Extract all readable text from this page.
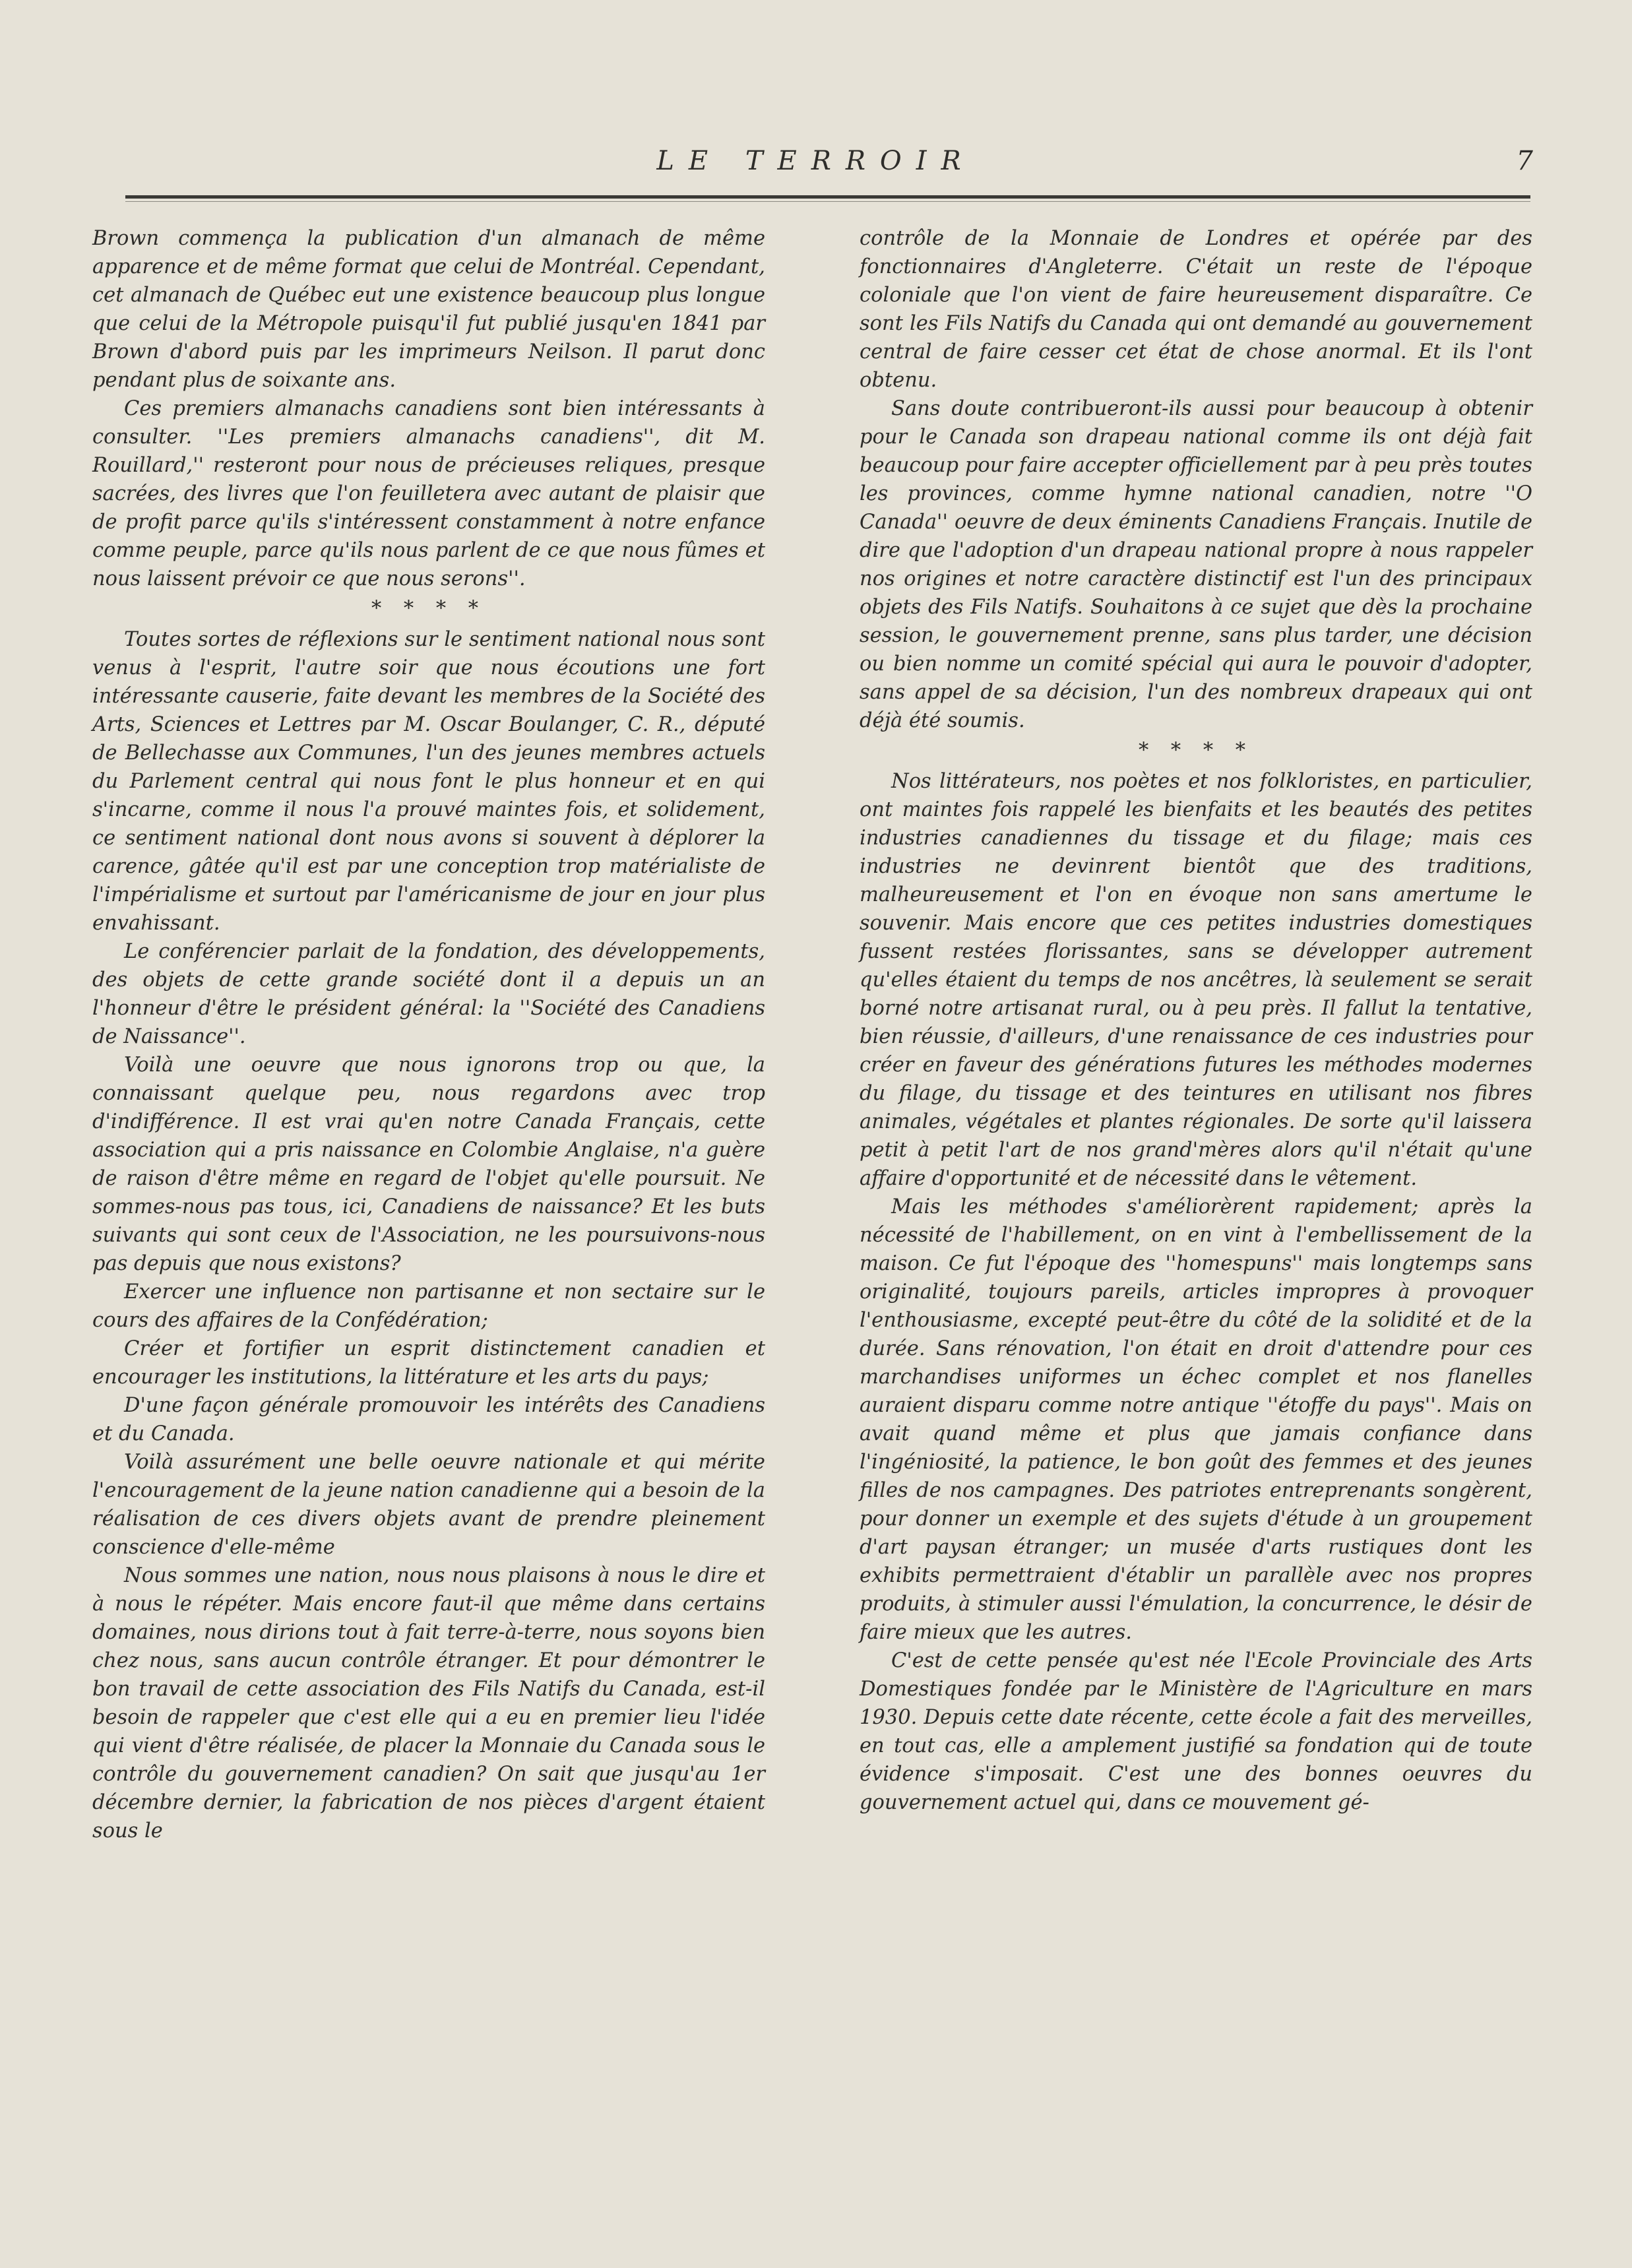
LE TERROIR	7

Brown commença la publication d'un almanach de même apparence et de même format que celui de Montréal. Cependant, cet almanach de Québec eut une existence beaucoup plus longue que celui de la Métropole puisqu'il fut publié jusqu'en 1841 par Brown d'abord puis par les imprimeurs Neilson. Il parut donc pendant plus de soixante ans.

Ces premiers almanachs canadiens sont bien intéressants à consulter. ''Les premiers almanachs canadiens'', dit M. Rouillard,'' resteront pour nous de précieuses reliques, presque sacrées, des livres que l'on feuilletera avec autant de plaisir que de profit parce qu'ils s'intéressent constamment à notre enfance comme peuple, parce qu'ils nous parlent de ce que nous fûmes et nous laissent prévoir ce que nous serons''.

* * * *

Toutes sortes de réflexions sur le sentiment national nous sont venus à l'esprit, l'autre soir que nous écoutions une fort intéressante causerie, faite devant les membres de la Société des Arts, Sciences et Lettres par M. Oscar Boulanger, C. R., député de Bellechasse aux Communes, l'un des jeunes membres actuels du Parlement central qui nous font le plus honneur et en qui s'incarne, comme il nous l'a prouvé maintes fois, et solidement, ce sentiment national dont nous avons si souvent à déplorer la carence, gâtée qu'il est par une conception trop matérialiste de l'impérialisme et surtout par l'américanisme de jour en jour plus envahissant.

Le conférencier parlait de la fondation, des développements, des objets de cette grande société dont il a depuis un an l'honneur d'être le président général: la ''Société des Canadiens de Naissance''.

Voilà une oeuvre que nous ignorons trop ou que, la connaissant quelque peu, nous regardons avec trop d'indifférence. Il est vrai qu'en notre Canada Français, cette association qui a pris naissance en Colombie Anglaise, n'a guère de raison d'être même en regard de l'objet qu'elle poursuit. Ne sommes-nous pas tous, ici, Canadiens de naissance? Et les buts suivants qui sont ceux de l'Association, ne les poursuivons-nous pas depuis que nous existons?

Exercer une influence non partisanne et non sectaire sur le cours des affaires de la Confédération;

Créer et fortifier un esprit distinctement canadien et encourager les institutions, la littérature et les arts du pays;

D'une façon générale promouvoir les intérêts des Canadiens et du Canada.

Voilà assurément une belle oeuvre nationale et qui mérite l'encouragement de la jeune nation canadienne qui a besoin de la réalisation de ces divers objets avant de prendre pleinement conscience d'elle-même

Nous sommes une nation, nous nous plaisons à nous le dire et à nous le répéter. Mais encore faut-il que même dans certains domaines, nous dirions tout à fait terre-à-terre, nous soyons bien chez nous, sans aucun contrôle étranger. Et pour démontrer le bon travail de cette association des Fils Natifs du Canada, est-il besoin de rappeler que c'est elle qui a eu en premier lieu l'idée qui vient d'être réalisée, de placer la Monnaie du Canada sous le contrôle du gouvernement canadien? On sait que jusqu'au 1er décembre dernier, la fabrication de nos pièces d'argent étaient sous le

contrôle de la Monnaie de Londres et opérée par des fonctionnaires d'Angleterre. C'était un reste de l'époque coloniale que l'on vient de faire heureusement disparaître. Ce sont les Fils Natifs du Canada qui ont demandé au gouvernement central de faire cesser cet état de chose anormal. Et ils l'ont obtenu.

Sans doute contribueront-ils aussi pour beaucoup à obtenir pour le Canada son drapeau national comme ils ont déjà fait beaucoup pour faire accepter officiellement par à peu près toutes les provinces, comme hymne national canadien, notre ''O Canada'' oeuvre de deux éminents Canadiens Français. Inutile de dire que l'adoption d'un drapeau national propre à nous rappeler nos origines et notre caractère distinctif est l'un des principaux objets des Fils Natifs. Souhaitons à ce sujet que dès la prochaine session, le gouvernement prenne, sans plus tarder, une décision ou bien nomme un comité spécial qui aura le pouvoir d'adopter, sans appel de sa décision, l'un des nombreux drapeaux qui ont déjà été soumis.

* * * *

Nos littérateurs, nos poètes et nos folkloristes, en particulier, ont maintes fois rappelé les bienfaits et les beautés des petites industries canadiennes du tissage et du filage; mais ces industries ne devinrent bientôt que des traditions, malheureusement et l'on en évoque non sans amertume le souvenir. Mais encore que ces petites industries domestiques fussent restées florissantes, sans se développer autrement qu'elles étaient du temps de nos ancêtres, là seulement se serait borné notre artisanat rural, ou à peu près. Il fallut la tentative, bien réussie, d'ailleurs, d'une renaissance de ces industries pour créer en faveur des générations futures les méthodes modernes du filage, du tissage et des teintures en utilisant nos fibres animales, végétales et plantes régionales. De sorte qu'il laissera petit à petit l'art de nos grand'mères alors qu'il n'était qu'une affaire d'opportunité et de nécessité dans le vêtement.

Mais les méthodes s'améliorèrent rapidement; après la nécessité de l'habillement, on en vint à l'embellissement de la maison. Ce fut l'époque des ''homespuns'' mais longtemps sans originalité, toujours pareils, articles impropres à provoquer l'enthousiasme, excepté peut-être du côté de la solidité et de la durée. Sans rénovation, l'on était en droit d'attendre pour ces marchandises uniformes un échec complet et nos flanelles auraient disparu comme notre antique ''étoffe du pays''. Mais on avait quand même et plus que jamais confiance dans l'ingéniosité, la patience, le bon goût des femmes et des jeunes filles de nos campagnes. Des patriotes entreprenants songèrent, pour donner un exemple et des sujets d'étude à un groupement d'art paysan étranger; un musée d'arts rustiques dont les exhibits permettraient d'établir un parallèle avec nos propres produits, à stimuler aussi l'émulation, la concurrence, le désir de faire mieux que les autres.

C'est de cette pensée qu'est née l'Ecole Provinciale des Arts Domestiques fondée par le Ministère de l'Agriculture en mars 1930. Depuis cette date récente, cette école a fait des merveilles, en tout cas, elle a amplement justifié sa fondation qui de toute évidence s'imposait. C'est une des bonnes oeuvres du gouvernement actuel qui, dans ce mouvement gé-
